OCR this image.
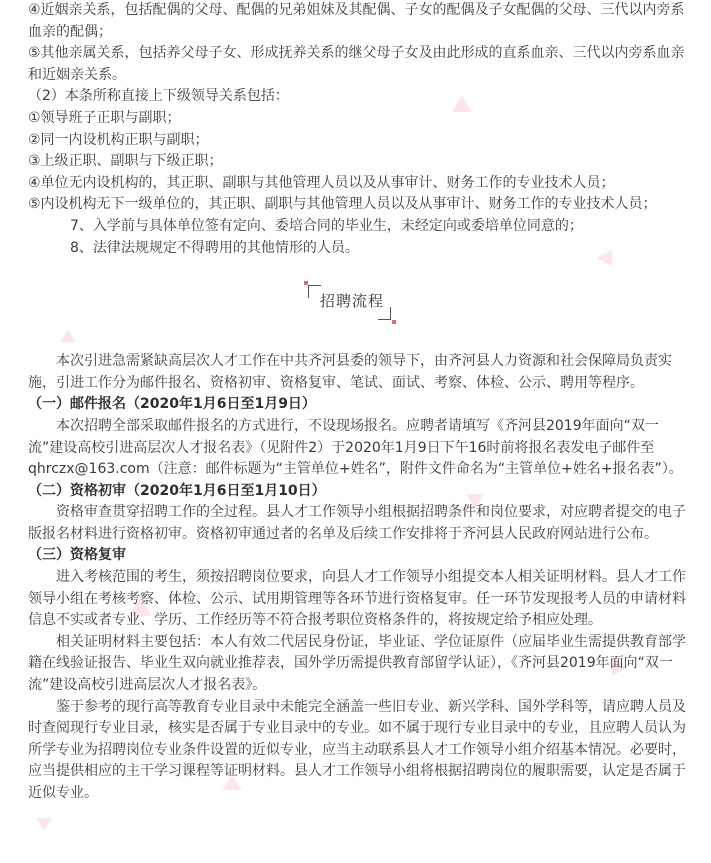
④近姻亲关系，包括配偶的父母、配偶的兄弟姐妹及其配偶、子女的配偶及子女配偶的父母、三代以内旁系血亲的配偶；

⑤其他亲属关系，包括养父母子女、形成抚养关系的继父母子女及由此形成的直系血亲、三代以内旁系血亲和近姻亲关系。

（2）本条所称直接上下级领导关系包括：

①领导班子正职与副职；

②同一内设机构正职与副职；

③上级正职、副职与下级正职；

④单位无内设机构的，其正职、副职与其他管理人员以及从事审计、财务工作的专业技术人员；

⑤内设机构无下一级单位的，其正职、副职与其他管理人员以及从事审计、财务工作的专业技术人员；

7、入学前与具体单位签有定向、委培合同的毕业生，未经定向或委培单位同意的；

8、法律法规规定不得聘用的其他情形的人员。

招聘流程

本次引进急需紧缺高层次人才工作在中共齐河县委的领导下，由齐河县人力资源和社会保障局负责实施，引进工作分为邮件报名、资格初审、资格复审、笔试、面试、考察、体检、公示、聘用等程序。

（一）邮件报名（2020年1月6日至1月9日）

本次招聘全部采取邮件报名的方式进行，不设现场报名。应聘者请填写《齐河县2019年面向“双一流”建设高校引进高层次人才报名表》（见附件2）于2020年1月9日下午16时前将报名表发电子邮件至qhrczx@163.com（注意：邮件标题为“主管单位+姓名”，附件文件命名为“主管单位+姓名+报名表”）。

（二）资格初审（2020年1月6日至1月10日）

资格审查贯穿招聘工作的全过程。县人才工作领导小组根据招聘条件和岗位要求，对应聘者提交的电子版报名材料进行资格初审。资格初审通过者的名单及后续工作安排将于齐河县人民政府网站进行公布。

（三）资格复审

进入考核范围的考生，须按招聘岗位要求，向县人才工作领导小组提交本人相关证明材料。县人才工作领导小组在考核考察、体检、公示、试用期管理等各环节进行资格复审。任一环节发现报考人员的申请材料信息不实或者专业、学历、工作经历等不符合报考职位资格条件的，将按规定给予相应处理。

相关证明材料主要包括：本人有效二代居民身份证，毕业证、学位证原件（应届毕业生需提供教育部学籍在线验证报告、毕业生双向就业推荐表，国外学历需提供教育部留学认证），《齐河县2019年面向“双一流”建设高校引进高层次人才报名表》。

鉴于参考的现行高等教育专业目录中未能完全涵盖一些旧专业、新兴学科、国外学科等，请应聘人员及时查阅现行专业目录，核实是否属于专业目录中的专业。如不属于现行专业目录中的专业，且应聘人员认为所学专业为招聘岗位专业条件设置的近似专业，应当主动联系县人才工作领导小组介绍基本情况。必要时，应当提供相应的主干学习课程等证明材料。县人才工作领导小组将根据招聘岗位的履职需要，认定是否属于近似专业。
